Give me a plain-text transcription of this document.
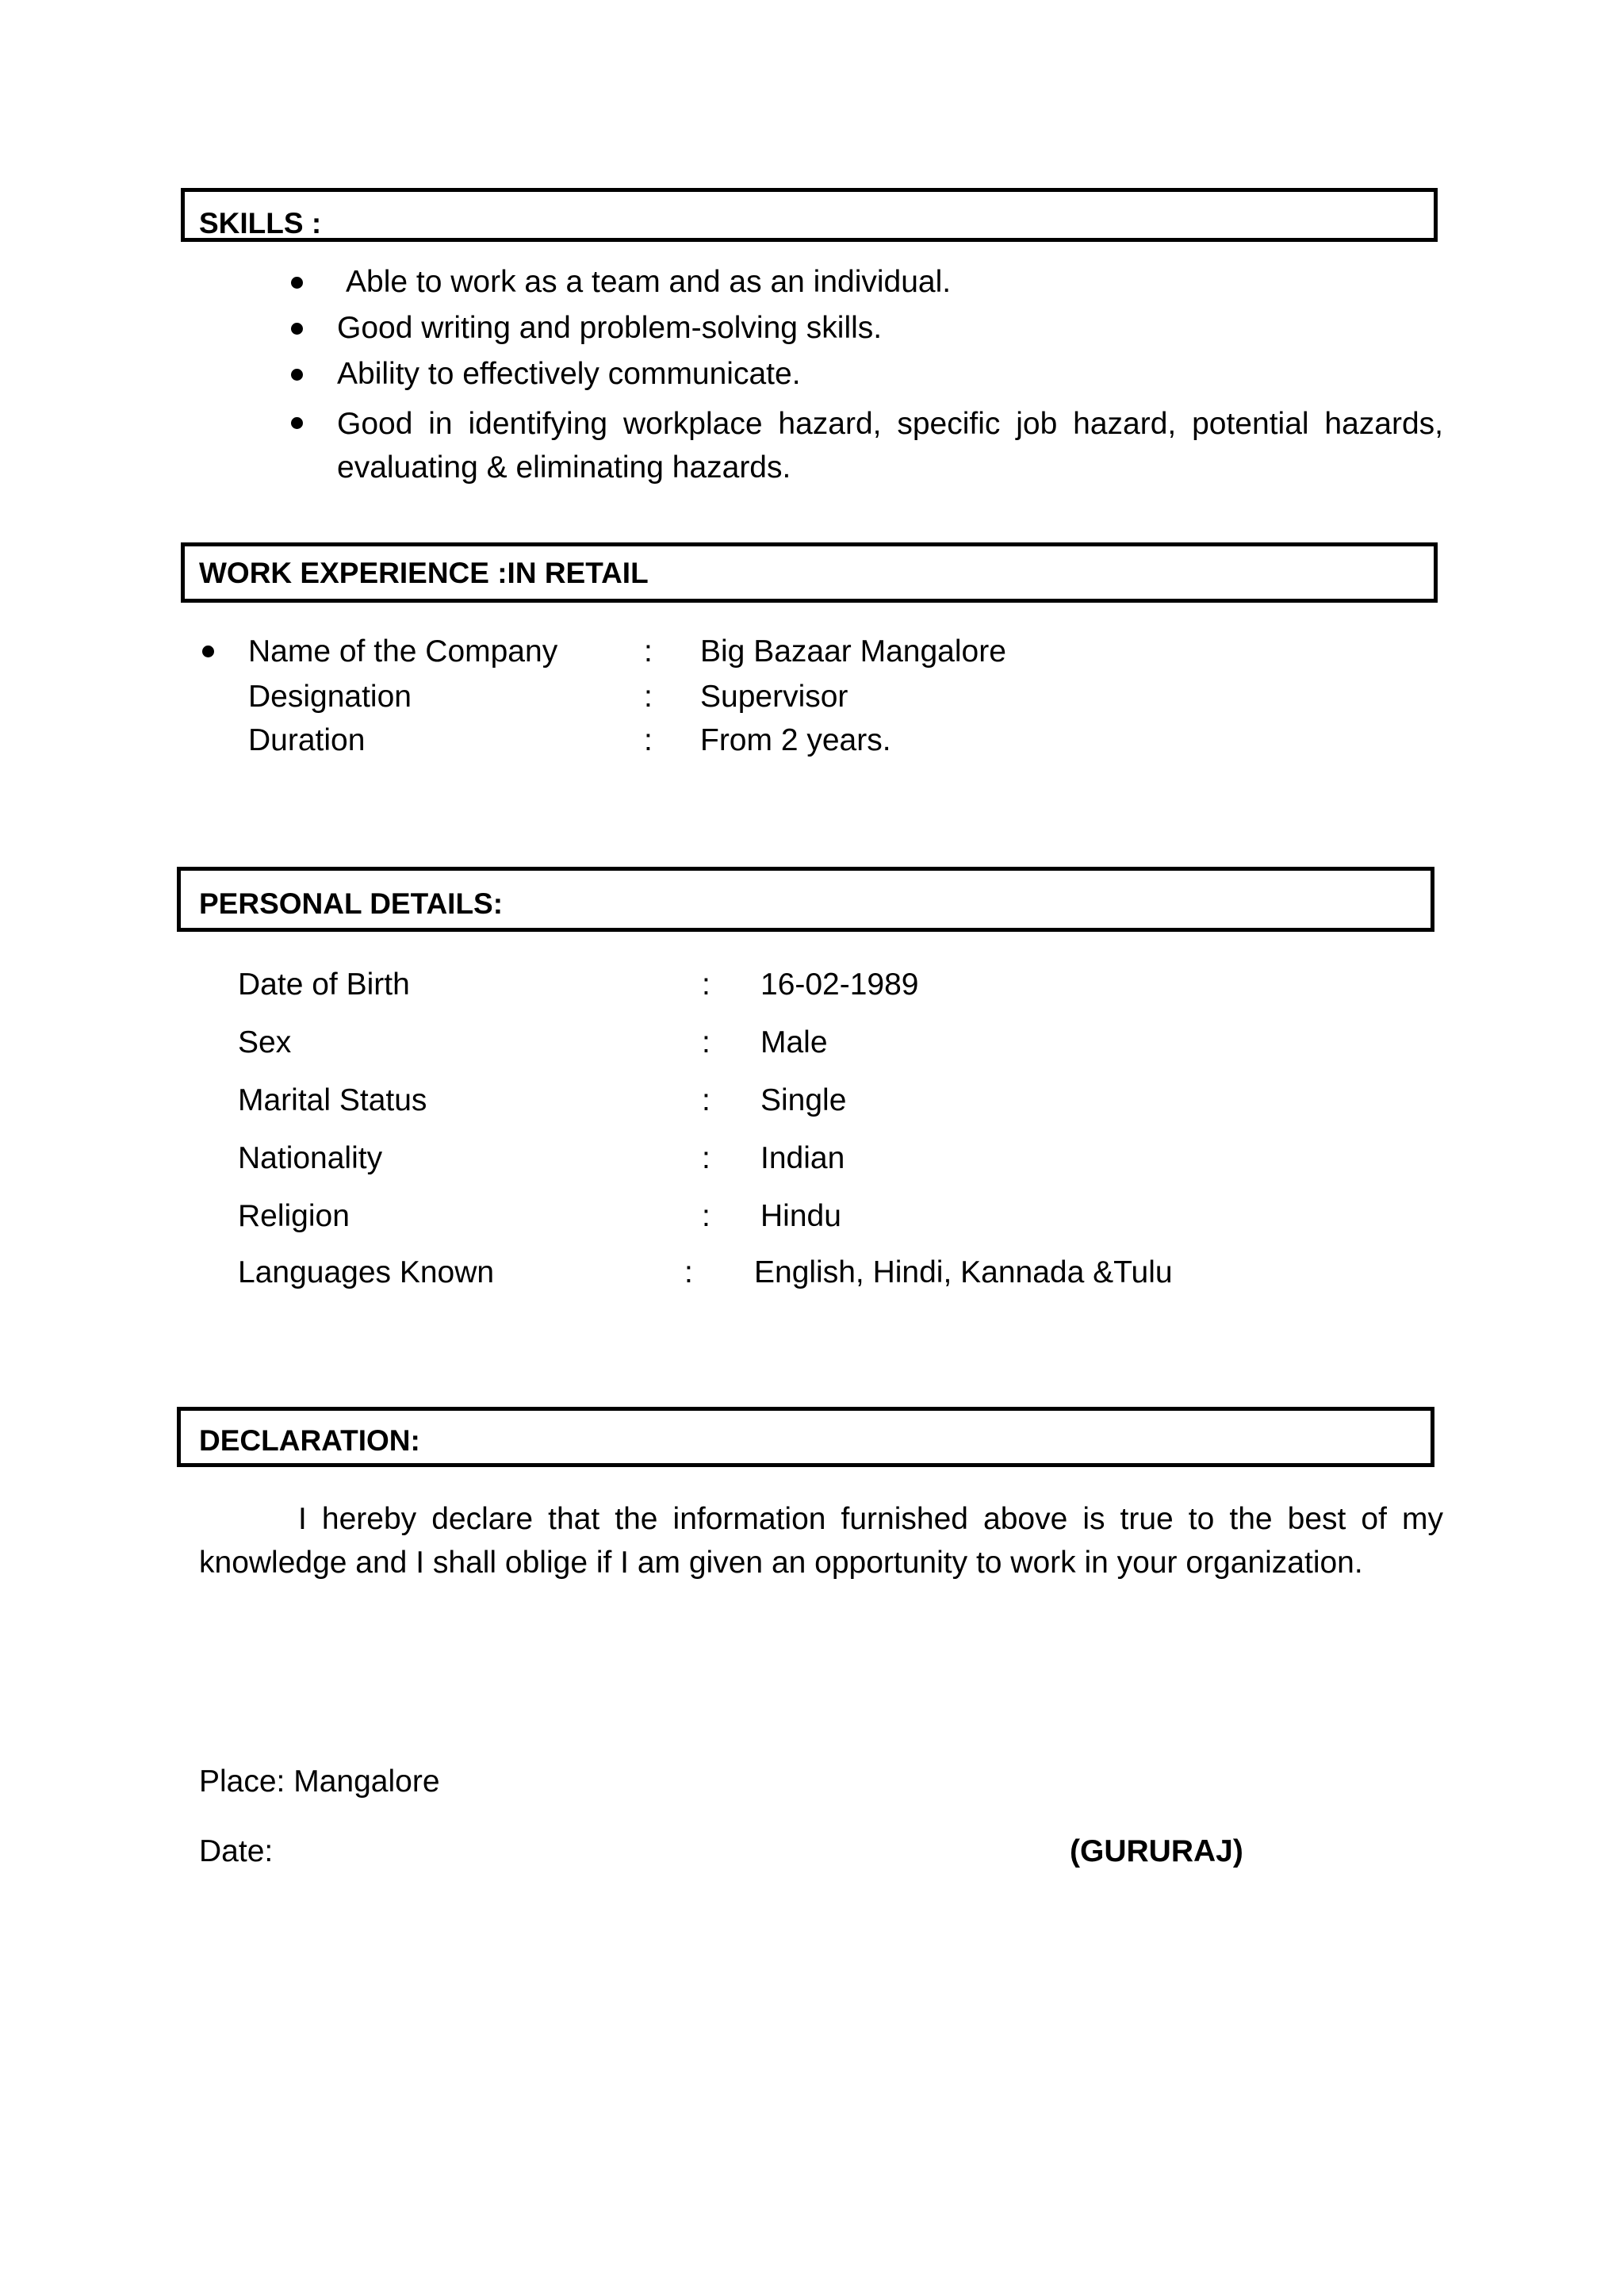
SKILLS :
Able to work as a team and as an individual.
Good writing and problem-solving skills.
Ability to effectively communicate.
Good in identifying workplace hazard, specific job hazard, potential hazards, evaluating & eliminating hazards.
WORK EXPERIENCE :IN RETAIL
Name of the Company	: Big Bazaar Mangalore
Designation	: Supervisor
Duration	: From 2 years.
PERSONAL DETAILS:
Date of Birth	: 16-02-1989
Sex	: Male
Marital Status	: Single
Nationality	: Indian
Religion	: Hindu
Languages Known	: English, Hindi, Kannada &Tulu
DECLARATION:
I hereby declare that the information furnished above is true to the best of my knowledge and I shall oblige if I am given an opportunity to work in your organization.
Place: Mangalore
Date:	(GURURAJ)
